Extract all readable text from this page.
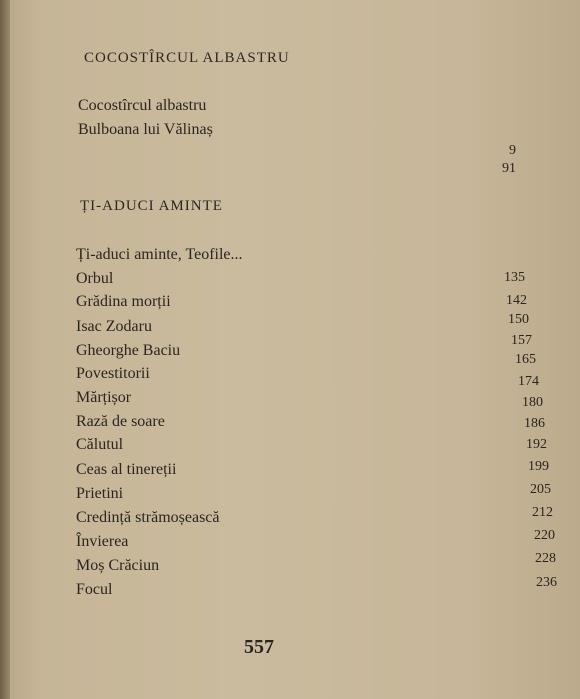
COCOSTÎRCUL ALBASTRU
Cocostîrcul albastru
Bulboana lui Vălinaș
9
91
ȚI-ADUCI AMINTE
Ți-aduci aminte, Teofile...
Orbul
Grădina morții
Isac Zodaru
Gheorghe Baciu
Povestitorii
Mărțișor
Rază de soare
Călutul
Ceas al tinereții
Prietini
Credință strămoșească
Învierea
Moș Crăciun
Focul
135
142
150
157
165
174
180
186
192
199
205
212
220
228
236
557
